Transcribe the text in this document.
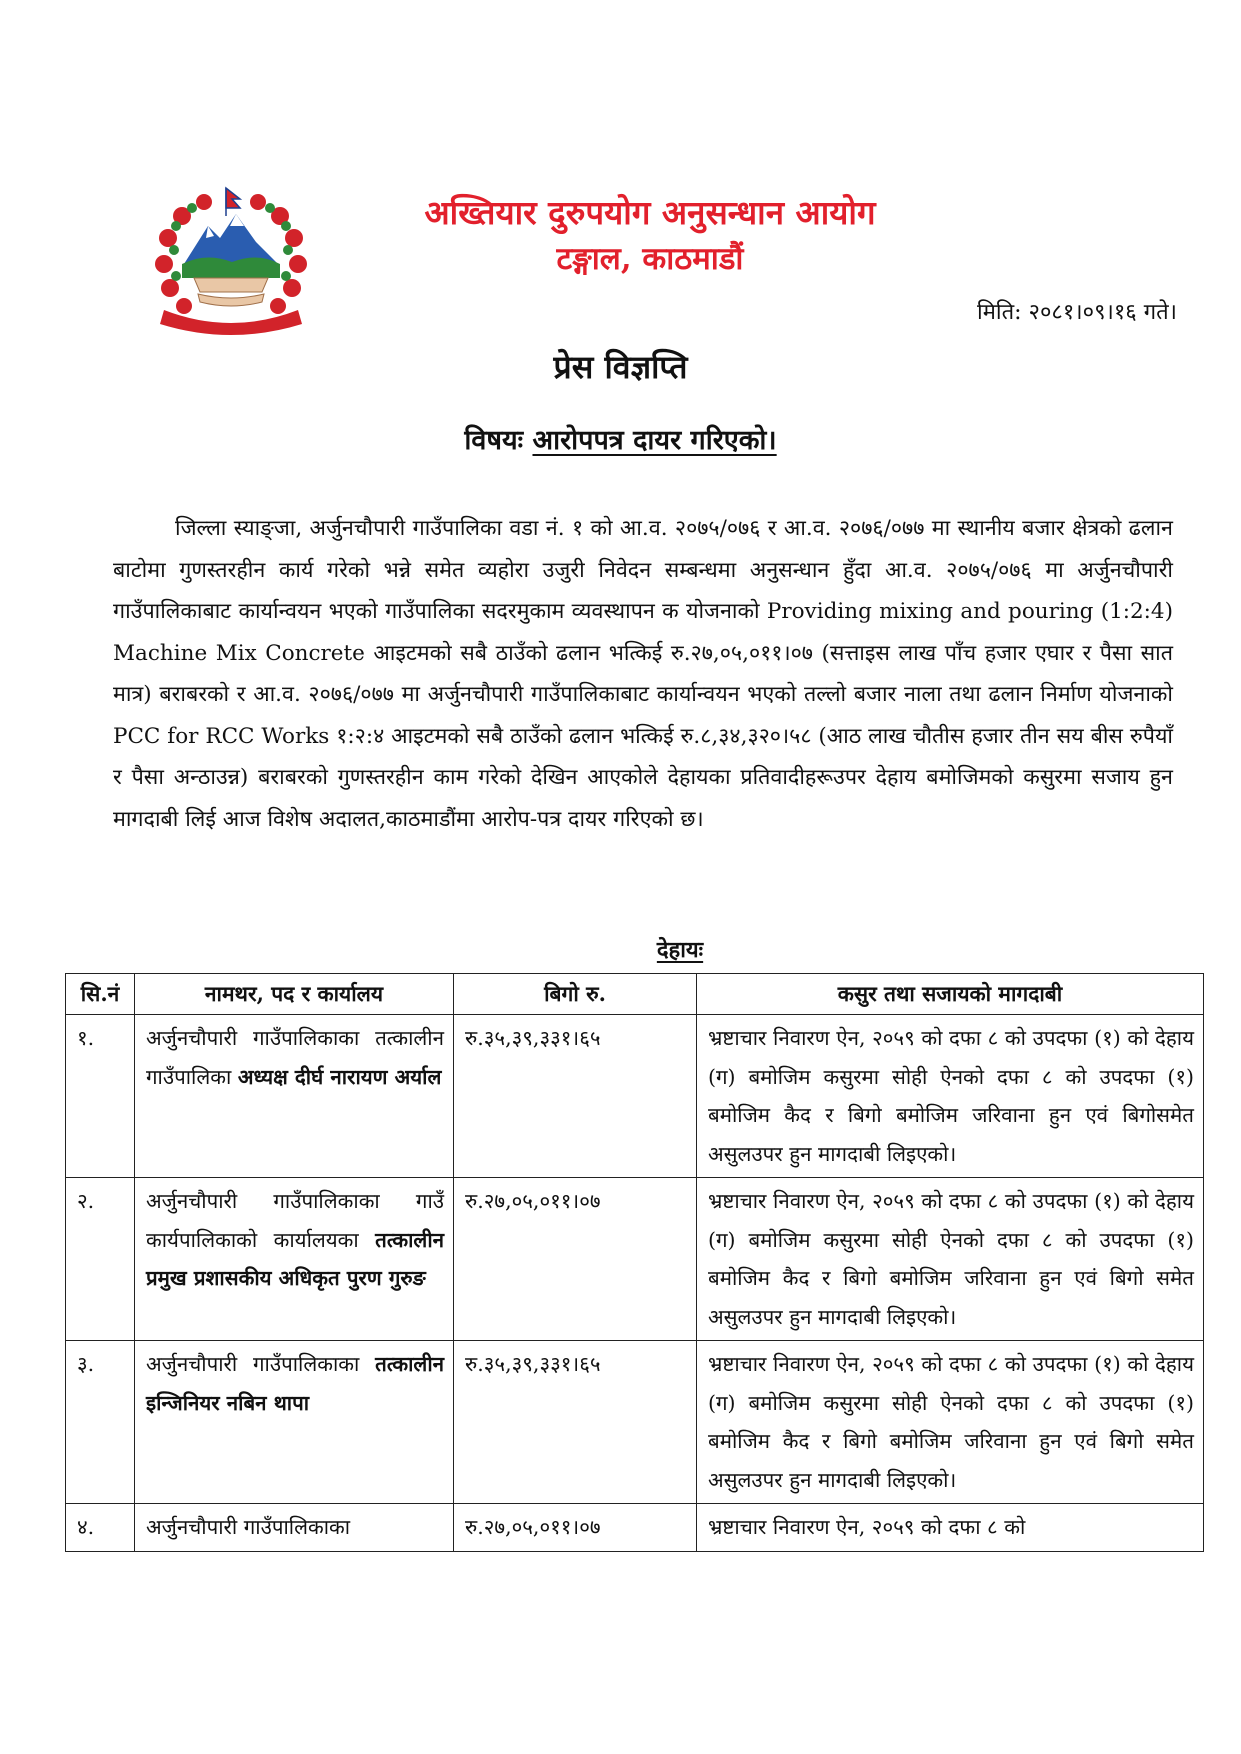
अख्तियार दुरुपयोग अनुसन्धान आयोग
टङ्गाल, काठमाडौं
मिति: २०८१।०९।१६ गते।
प्रेस विज्ञप्ति
विषयः आरोपपत्र दायर गरिएको।

जिल्ला स्याङ्जा, अर्जुनचौपारी गाउँपालिका वडा नं. १ को आ.व. २०७५/०७६ र आ.व. २०७६/०७७ मा स्थानीय बजार क्षेत्रको ढलान बाटोमा गुणस्तरहीन कार्य गरेको भन्ने समेत व्यहोरा उजुरी निवेदन सम्बन्धमा अनुसन्धान हुँदा आ.व. २०७५/०७६ मा अर्जुनचौपारी गाउँपालिकाबाट कार्यान्वयन भएको गाउँपालिका सदरमुकाम व्यवस्थापन क योजनाको Providing mixing and pouring (1:2:4) Machine Mix Concrete आइटमको सबै ठाउँको ढलान भत्किई रु.२७,०५,०११।०७ (सत्ताइस लाख पाँच हजार एघार र पैसा सात मात्र) बराबरको र आ.व. २०७६/०७७ मा अर्जुनचौपारी गाउँपालिकाबाट कार्यान्वयन भएको तल्लो बजार नाला तथा ढलान निर्माण योजनाको PCC for RCC Works १:२:४ आइटमको सबै ठाउँको ढलान भत्किई रु.८,३४,३२०।५८ (आठ लाख चौतीस हजार तीन सय बीस रुपैयाँ र पैसा अन्ठाउन्न) बराबरको गुणस्तरहीन काम गरेको देखिन आएकोले देहायका प्रतिवादीहरूउपर देहाय बमोजिमको कसुरमा सजाय हुन मागदाबी लिई आज विशेष अदालत,काठमाडौंमा आरोप-पत्र दायर गरिएको छ।

देहायः
सि.नं	नामथर, पद र कार्यालय	बिगो रु.	कसुर तथा सजायको मागदाबी
१.	अर्जुनचौपारी गाउँपालिकाका तत्कालीन गाउँपालिका अध्यक्ष दीर्घ नारायण अर्याल	रु.३५,३९,३३१।६५	भ्रष्टाचार निवारण ऐन, २०५९ को दफा ८ को उपदफा (१) को देहाय (ग) बमोजिम कसुरमा सोही ऐनको दफा ८ को उपदफा (१) बमोजिम कैद र बिगो बमोजिम जरिवाना हुन एवं बिगोसमेत असुलउपर हुन मागदाबी लिइएको।
२.	अर्जुनचौपारी गाउँपालिकाका गाउँ कार्यपालिकाको कार्यालयका तत्कालीन प्रमुख प्रशासकीय अधिकृत पुरण गुरुङ	रु.२७,०५,०११।०७	भ्रष्टाचार निवारण ऐन, २०५९ को दफा ८ को उपदफा (१) को देहाय (ग) बमोजिम कसुरमा सोही ऐनको दफा ८ को उपदफा (१) बमोजिम कैद र बिगो बमोजिम जरिवाना हुन एवं बिगो समेत असुलउपर हुन मागदाबी लिइएको।
३.	अर्जुनचौपारी गाउँपालिकाका तत्कालीन इन्जिनियर नबिन थापा	रु.३५,३९,३३१।६५	भ्रष्टाचार निवारण ऐन, २०५९ को दफा ८ को उपदफा (१) को देहाय (ग) बमोजिम कसुरमा सोही ऐनको दफा ८ को उपदफा (१) बमोजिम कैद र बिगो बमोजिम जरिवाना हुन एवं बिगो समेत असुलउपर हुन मागदाबी लिइएको।
४.	अर्जुनचौपारी गाउँपालिकाका	रु.२७,०५,०११।०७	भ्रष्टाचार निवारण ऐन, २०५९ को दफा ८ को
